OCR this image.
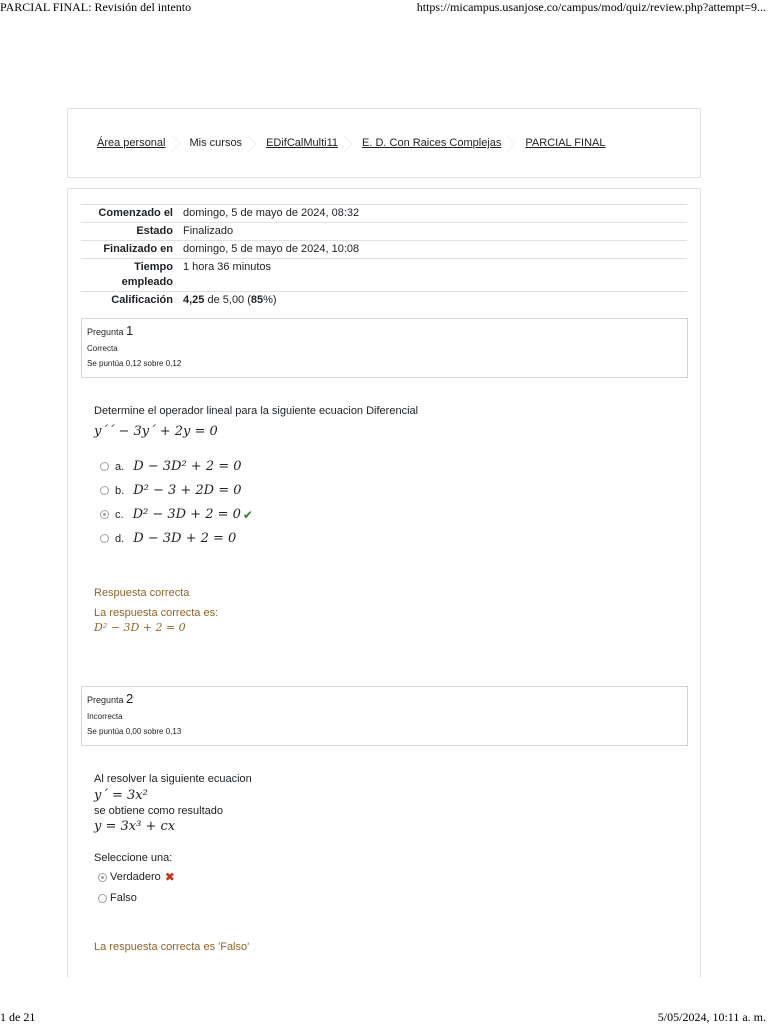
PARCIAL FINAL: Revisión del intento	https://micampus.usanjose.co/campus/mod/quiz/review.php?attempt=9...
Área personal Mis cursos EDifCalMulti11 E. D. Con Raices Complejas PARCIAL FINAL
Comenzado el	domingo, 5 de mayo de 2024, 08:32
Estado	Finalizado
Finalizado en	domingo, 5 de mayo de 2024, 10:08
Tiempo
empleado	1 hora 36 minutos
Calificación	4,25 de 5,00 (85%)
Pregunta 1
Correcta
Se puntúa 0,12 sobre 0,12
Determine el operador lineal para la siguiente ecuacion Diferencial
y´´ − 3y´ + 2y = 0
a. D − 3D² + 2 = 0
b. D² − 3 + 2D = 0
c. D² − 3D + 2 = 0 ✔
d. D − 3D + 2 = 0
Respuesta correcta
La respuesta correcta es:
D² − 3D + 2 = 0
Pregunta 2
Incorrecta
Se puntúa 0,00 sobre 0,13
Al resolver la siguiente ecuacion
y´ = 3x²
se obtiene como resultado
y = 3x³ + cx
Seleccione una:
Verdadero ✖
Falso
La respuesta correcta es 'Falso'
1 de 21	5/05/2024, 10:11 a. m.
